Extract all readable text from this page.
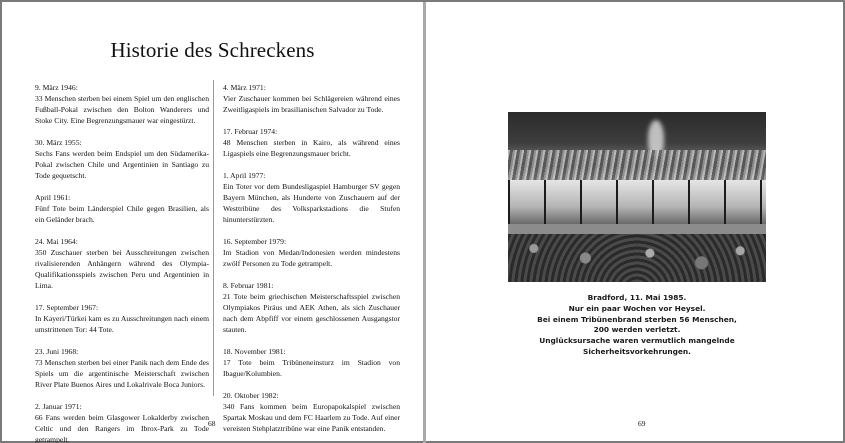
Historie des Schreckens
9. März 1946:
33 Menschen sterben bei einem Spiel um den englischen Fußball-Pokal zwischen den Bolton Wanderers und Stoke City. Eine Begrenzungsmauer war eingestürzt.
30. März 1955:
Sechs Fans werden beim Endspiel um den Südamerika-Pokal zwischen Chile und Argentinien in Santiago zu Tode gequetscht.
April 1961:
Fünf Tote beim Länderspiel Chile gegen Brasilien, als ein Geländer brach.
24. Mai 1964:
350 Zuschauer sterben bei Ausschreitungen zwischen rivalisierenden Anhängern während des Olympia-Qualifikationsspiels zwischen Peru und Argentinien in Lima.
17. September 1967:
In Kayeri/Türkei kam es zu Ausschreitungen nach einem umstrittenen Tor: 44 Tote.
23. Juni 1968:
73 Menschen sterben bei einer Panik nach dem Ende des Spiels um die argentinische Meisterschaft zwischen River Plate Buenos Aires und Lokalrivale Boca Juniors.
2. Januar 1971:
66 Fans werden beim Glasgower Lokalderby zwischen Celtic und den Rangers im Ibrox-Park zu Tode getrampelt.
4. März 1971:
Vier Zuschauer kommen bei Schlägereien während eines Zweitligaspiels im brasilianischen Salvador zu Tode.
17. Februar 1974:
48 Menschen sterben in Kairo, als während eines Ligaspiels eine Begrenzungsmauer bricht.
1. April 1977:
Ein Toter vor dem Bundesligaspiel Hamburger SV gegen Bayern München, als Hunderte von Zuschauern auf der Westtribüne des Volksparkstadions die Stufen hinunterstürzten.
16. September 1979:
Im Stadion von Medan/Indonesien werden mindestens zwölf Personen zu Tode getrampelt.
8. Februar 1981:
21 Tote beim griechischen Meisterschaftsspiel zwischen Olympiakos Piräus und AEK Athen, als sich Zuschauer nach dem Abpfiff vor einem geschlossenen Ausgangstor stauten.
18. November 1981:
17 Tote beim Tribüneneinsturz im Stadion von Ibague/Kolumbien.
20. Oktober 1982:
340 Fans kommen beim Europapokalspiel zwischen Spartak Moskau und dem FC Haarlem zu Tode. Auf einer vereisten Stehplatztribüne war eine Panik entstanden.
68
Bradford, 11. Mai 1985.
Nur ein paar Wochen vor Heysel.
Bei einem Tribünenbrand sterben 56 Menschen,
200 werden verletzt.
Unglücksursache waren vermutlich mangelnde
Sicherheitsvorkehrungen.
69
